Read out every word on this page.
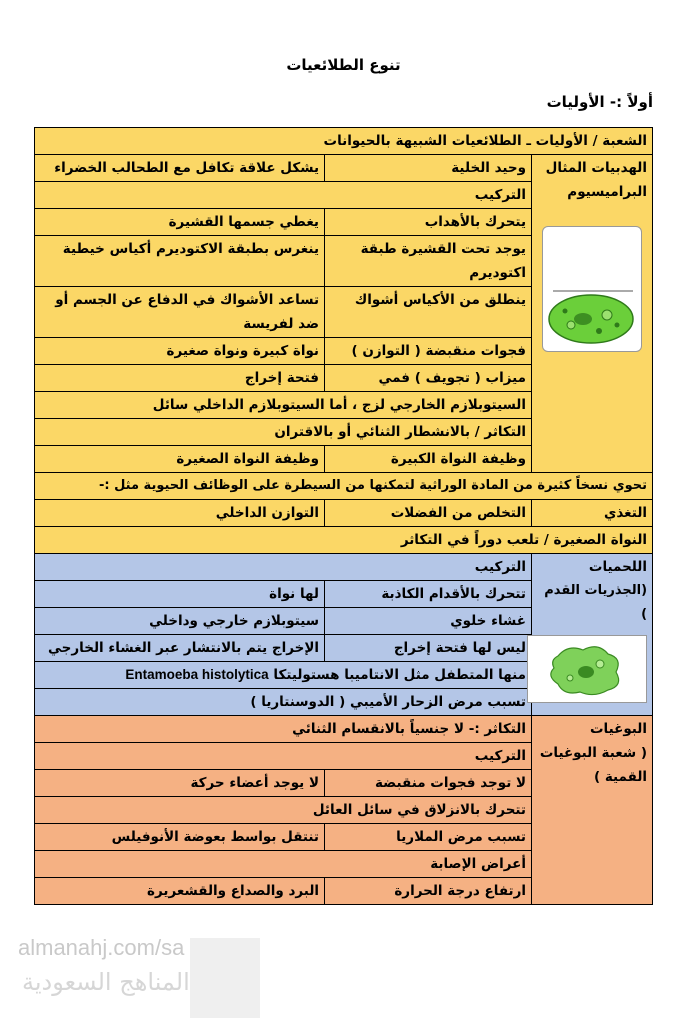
تنوع الطلائعيات
أولاً :- الأوليات
الشعبة / الأوليات ـ الطلائعيات الشبيهة بالحيوانات		

الهدبيات المثال
البراميسيوم	وحيد الخلية	يشكل علاقة تكافل مع الطحالب الخضراء
	التركيب	
	يتحرك بالأهداب	يغطي جسمها القشيرة
	يوجد تحت القشيرة طبقة اكتوديرم	ينغرس بطبقة الاكتوديرم أكياس خيطية
	ينطلق من الأكياس أشواك	تساعد الأشواك في الدفاع عن الجسم أو ضد لفريسة
	فجوات منقبضة ( التوازن )	نواة كبيرة ونواة صغيرة
	ميزاب ( تجويف ) فمي	فتحة إخراج
	السيتوبلازم الخارجي لزج ، أما السيتوبلازم الداخلي سائل	
	التكاثر / بالانشطار الثنائي أو بالاقتران	
	وظيفة النواة الكبيرة	وظيفة النواة الصغيرة
تحوي نسخاً كثيرة من المادة الوراثية لتمكنها من السيطرة على الوظائف الحيوية مثل :-		
التغذي	التخلص من الفضلات	التوازن الداخلي
النواة الصغيرة / تلعب دوراً في التكاثر		

اللحميات
(الجذريات القدم )	التركيب	
	تتحرك بالأقدام الكاذبة	لها نواة
	غشاء خلوي	سيتوبلازم خارجي وداخلي
	ليس لها فتحة إخراج	الإخراج يتم بالانتشار عبر الغشاء الخارجي
	منها المتطفل مثل الانتاميبا هستوليتكا Entamoeba histolytica	
	تسبب مرض الزحار الأميبي ( الدوسنتاريا )	

البوغيات
( شعبة البوغيات
القمية )	التكاثر :- لا جنسياً بالانقسام الثنائي	
	التركيب	
	لا توجد فجوات منقبضة	لا يوجد أعضاء حركة
	تتحرك بالانزلاق في سائل العائل	
	تسبب مرض الملاريا	تنتقل بواسط بعوضة الأنوفيلس
	أعراض الإصابة	
	ارتفاع درجة الحرارة	البرد والصداع والقشعريرة
almanahj.com/sa
المناهج السعودية
